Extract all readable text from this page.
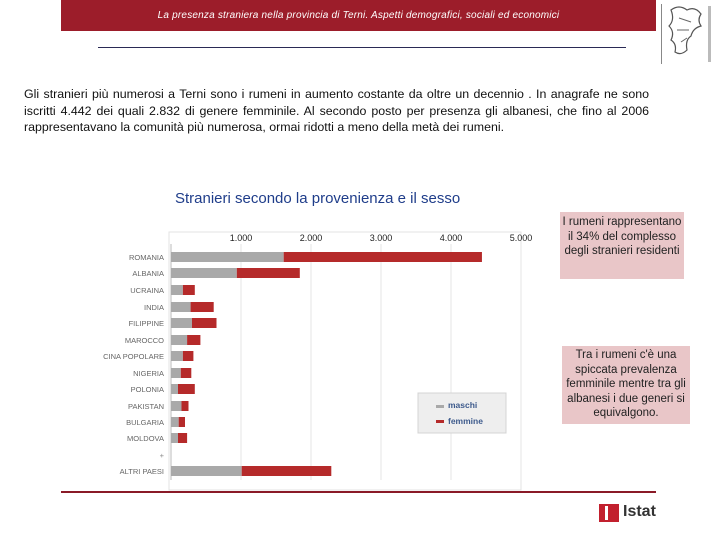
La presenza straniera nella provincia di Terni. Aspetti demografici, sociali ed economici
Gli stranieri più numerosi a Terni sono i rumeni in aumento costante da oltre un decennio . In anagrafe ne sono iscritti 4.442 dei quali 2.832 di genere femminile. Al secondo posto per presenza gli albanesi, che fino al 2006 rappresentavano la comunità più numerosa, ormai ridotti a meno della metà dei rumeni.
Stranieri secondo la provenienza e il sesso
1.000	2.000	3.000	4.000	5.000
ROMANIA
ALBANIA
UCRAINA
INDIA
FILIPPINE
MAROCCO
CINA POPOLARE
NIGERIA
POLONIA
PAKISTAN
BULGARIA
MOLDOVA
ALTRI PAESI
+
maschi
femmine
I rumeni rappresentano il 34% del complesso degli stranieri residenti
Tra i rumeni c'è una spiccata prevalenza femminile mentre tra gli albanesi i due generi si equivalgono.
Istat
